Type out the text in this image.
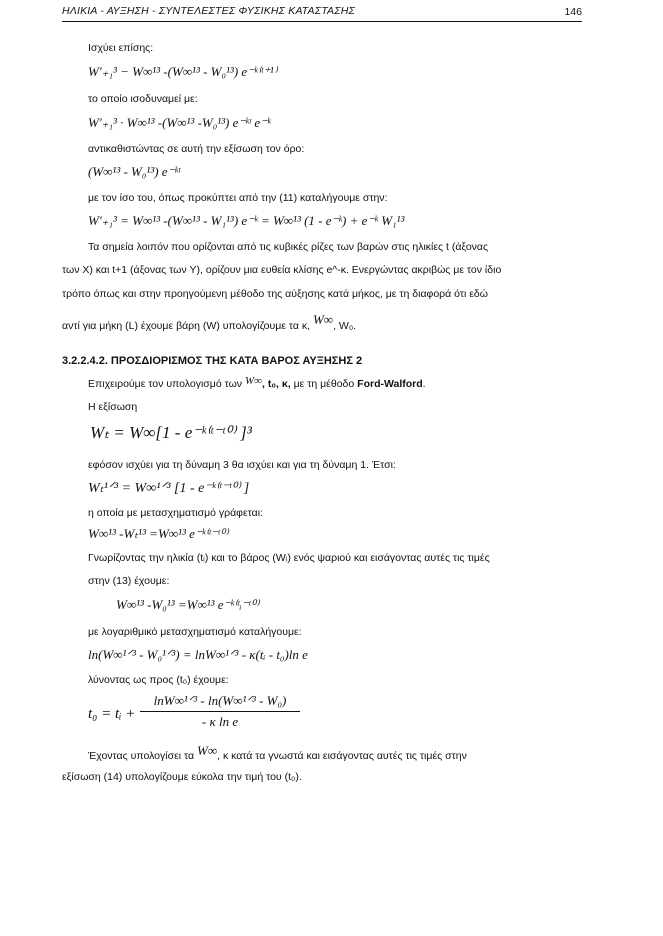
ΗΛΙΚΙΑ - ΑΥΞΗΣΗ - ΣΥΝΤΕΛΕΣΤΕΣ ΦΥΣΙΚΗΣ ΚΑΤΑΣΤΑΣΗΣ	146
Ισχύει επίσης:
W'₊₁³ − W∞¹³ -(W∞¹³ - W₀¹³) e⁻ᵏ⁽ᵗ⁺¹⁾
το οποίο ισοδυναμεί με:
W'₊₁³ · W∞¹³ -(W∞¹³ -W₀¹³) e⁻ᵏᵗ e⁻ᵏ
αντικαθιστώντας σε αυτή την εξίσωση τον όρο:
(W∞¹³ - W₀¹³) e⁻ᵏᵗ
με τον ίσο του, όπως προκύπτει από την (11) καταλήγουμε στην:
W'₊₁³ = W∞¹³ -(W∞¹³ - W₁¹³) e⁻ᵏ = W∞¹³ (1 - e⁻ᵏ) + e⁻ᵏ W₁¹³
Τα σημεία λοιπόν που ορίζονται από τις κυβικές ρίζες των βαρών στις ηλικίες t (άξονας
των X) και t+1 (άξονας των Y), ορίζουν μια ευθεία κλίσης e^-κ. Ενεργώντας ακριβώς με τον ίδιο
τρόπο όπως και στην προηγούμενη μέθοδο της αύξησης κατά μήκος, με τη διαφορά ότι εδώ
αντί για μήκη (L) έχουμε βάρη (W) υπολογίζουμε τα κ, W∞, W₀.
3.2.2.4.2. ΠΡΟΣΔΙΟΡΙΣΜΟΣ ΤΗΣ ΚΑΤΑ ΒΑΡΟΣ ΑΥΞΗΣΗΣ 2
Επιχειρούμε τον υπολογισμό των W∞, t₀, κ, με τη μέθοδο Ford-Walford.
Η εξίσωση
Wₜ = W∞[1 - e⁻ᵏ⁽ᵗ⁻ᵗ⁰⁾ ]³
εφόσον ισχύει για τη δύναμη 3 θα ισχύει και για τη δύναμη 1. Έτσι:
Wₜ¹ᐟ³ = W∞¹ᐟ³ [1 - e⁻ᵏ⁽ᵗ⁻ᵗ⁰⁾ ]
η οποία με μετασχηματισμό γράφεται:
W∞¹³ -Wₜ¹³ =W∞¹³ e⁻ᵏ⁽ᵗ⁻ᵗ⁰⁾
Γνωρίζοντας την ηλικία (tᵢ) και το βάρος (Wᵢ) ενός ψαριού και εισάγοντας αυτές τις τιμές
στην (13) έχουμε:
W∞¹³ -W₀¹³ =W∞¹³ e⁻ᵏ⁽ᵗᵢ⁻ᵗ⁰⁾
με λογαριθμικό μετασχηματισμό καταλήγουμε:
ln(W∞¹ᐟ³ - W₀¹ᐟ³) = lnW∞¹ᐟ³ - κ(tᵢ - t₀)ln e
λύνοντας ως προς (t₀) έχουμε:
t₀ = tᵢ +
lnW∞¹ᐟ³ - ln(W∞¹ᐟ³ - W₀)
- κ ln e
Έχοντας υπολογίσει τα W∞, κ κατά τα γνωστά και εισάγοντας αυτές τις τιμές στην
εξίσωση (14) υπολογίζουμε εύκολα την τιμή του (t₀).
